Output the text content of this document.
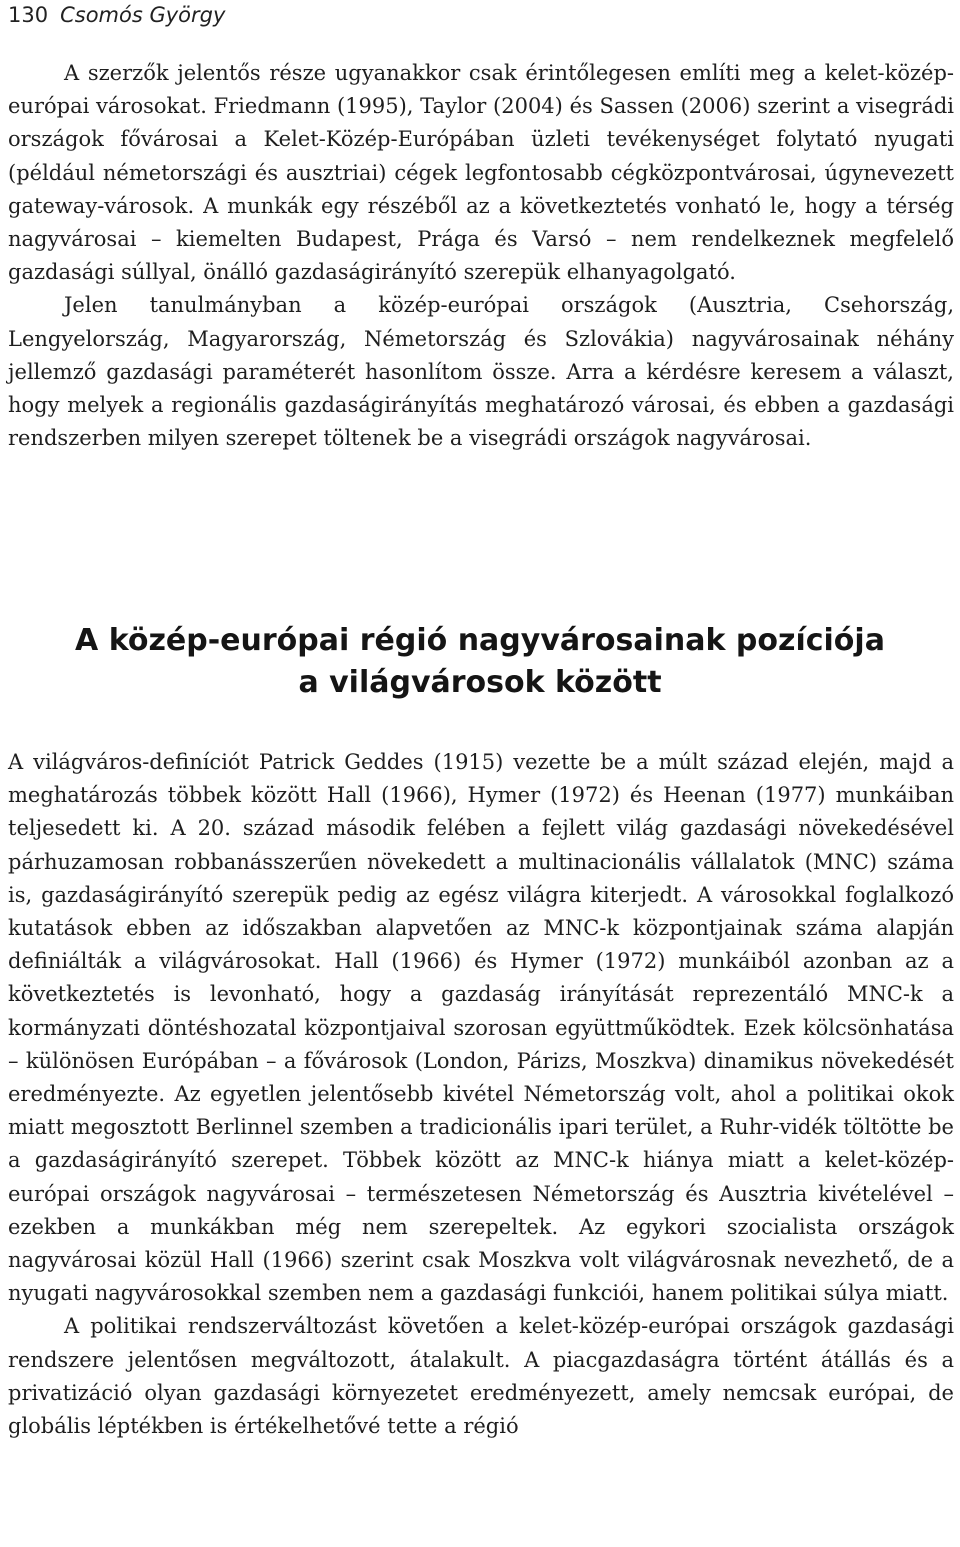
130 Csomós György

A szerzők jelentős része ugyanakkor csak érintőlegesen említi meg a kelet-közép-európai városokat. Friedmann (1995), Taylor (2004) és Sassen (2006) szerint a visegrádi országok fővárosai a Kelet-Közép-Európában üzleti tevékenységet folytató nyugati (például németországi és ausztriai) cégek legfontosabb cégközpontvárosai, úgynevezett gateway-városok. A munkák egy részéből az a következtetés vonható le, hogy a térség nagyvárosai – kiemelten Budapest, Prága és Varsó – nem rendelkeznek megfelelő gazdasági súllyal, önálló gazdaságirányító szerepük elhanyagolgató.

Jelen tanulmányban a közép-európai országok (Ausztria, Csehország, Lengyelország, Magyarország, Németország és Szlovákia) nagyvárosainak néhány jellemző gazdasági paraméterét hasonlítom össze. Arra a kérdésre keresem a választ, hogy melyek a regionális gazdaságirányítás meghatározó városai, és ebben a gazdasági rendszerben milyen szerepet töltenek be a visegrádi országok nagyvárosai.

A közép-európai régió nagyvárosainak pozíciója
a világvárosok között

A világváros-definíciót Patrick Geddes (1915) vezette be a múlt század elején, majd a meghatározás többek között Hall (1966), Hymer (1972) és Heenan (1977) munkáiban teljesedett ki. A 20. század második felében a fejlett világ gazdasági növekedésével párhuzamosan robbanásszerűen növekedett a multinacionális vállalatok (MNC) száma is, gazdaságirányító szerepük pedig az egész világra kiterjedt. A városokkal foglalkozó kutatások ebben az időszakban alapvetően az MNC-k központjainak száma alapján definiálták a világvárosokat. Hall (1966) és Hymer (1972) munkáiból azonban az a következtetés is levonható, hogy a gazdaság irányítását reprezentáló MNC-k a kormányzati döntéshozatal központjaival szorosan együttműködtek. Ezek kölcsönhatása – különösen Európában – a fővárosok (London, Párizs, Moszkva) dinamikus növekedését eredményezte. Az egyetlen jelentősebb kivétel Németország volt, ahol a politikai okok miatt megosztott Berlinnel szemben a tradicionális ipari terület, a Ruhr-vidék töltötte be a gazdaságirányító szerepet. Többek között az MNC-k hiánya miatt a kelet-közép-európai országok nagyvárosai – természetesen Németország és Ausztria kivételével – ezekben a munkákban még nem szerepeltek. Az egykori szocialista országok nagyvárosai közül Hall (1966) szerint csak Moszkva volt világvárosnak nevezhető, de a nyugati nagyvárosokkal szemben nem a gazdasági funkciói, hanem politikai súlya miatt.

A politikai rendszerváltozást követően a kelet-közép-európai országok gazdasági rendszere jelentősen megváltozott, átalakult. A piacgazdaságra történt átállás és a privatizáció olyan gazdasági környezetet eredményezett, amely nemcsak európai, de globális léptékben is értékelhetővé tette a régió
